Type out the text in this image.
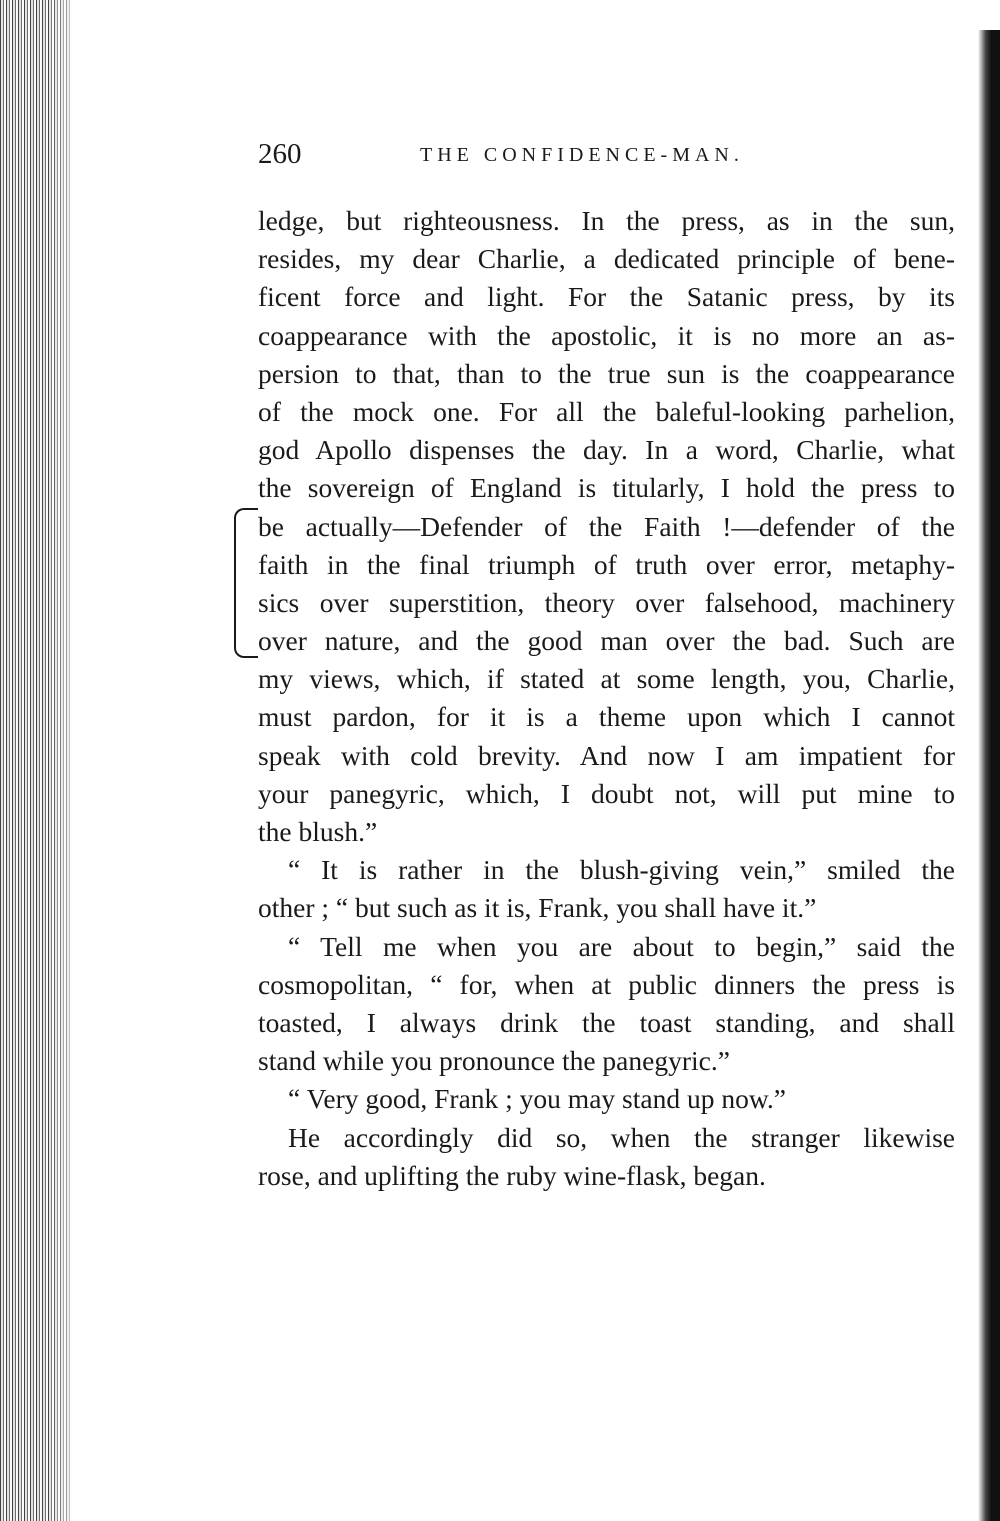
260	THE CONFIDENCE-MAN.
ledge, but righteousness. In the press, as in the sun,
resides, my dear Charlie, a dedicated principle of bene-
ficent force and light. For the Satanic press, by its
coappearance with the apostolic, it is no more an as-
persion to that, than to the true sun is the coappearance
of the mock one. For all the baleful-looking parhelion,
god Apollo dispenses the day. In a word, Charlie, what
the sovereign of England is titularly, I hold the press to
be actually—Defender of the Faith !—defender of the
faith in the final triumph of truth over error, metaphy-
sics over superstition, theory over falsehood, machinery
over nature, and the good man over the bad. Such are
my views, which, if stated at some length, you, Charlie,
must pardon, for it is a theme upon which I cannot
speak with cold brevity. And now I am impatient for
your panegyric, which, I doubt not, will put mine to
the blush.”
“ It is rather in the blush-giving vein,” smiled the
other ; “ but such as it is, Frank, you shall have it.”
“ Tell me when you are about to begin,” said the
cosmopolitan, “ for, when at public dinners the press is
toasted, I always drink the toast standing, and shall
stand while you pronounce the panegyric.”
“ Very good, Frank ; you may stand up now.”
He accordingly did so, when the stranger likewise
rose, and uplifting the ruby wine-flask, began.
